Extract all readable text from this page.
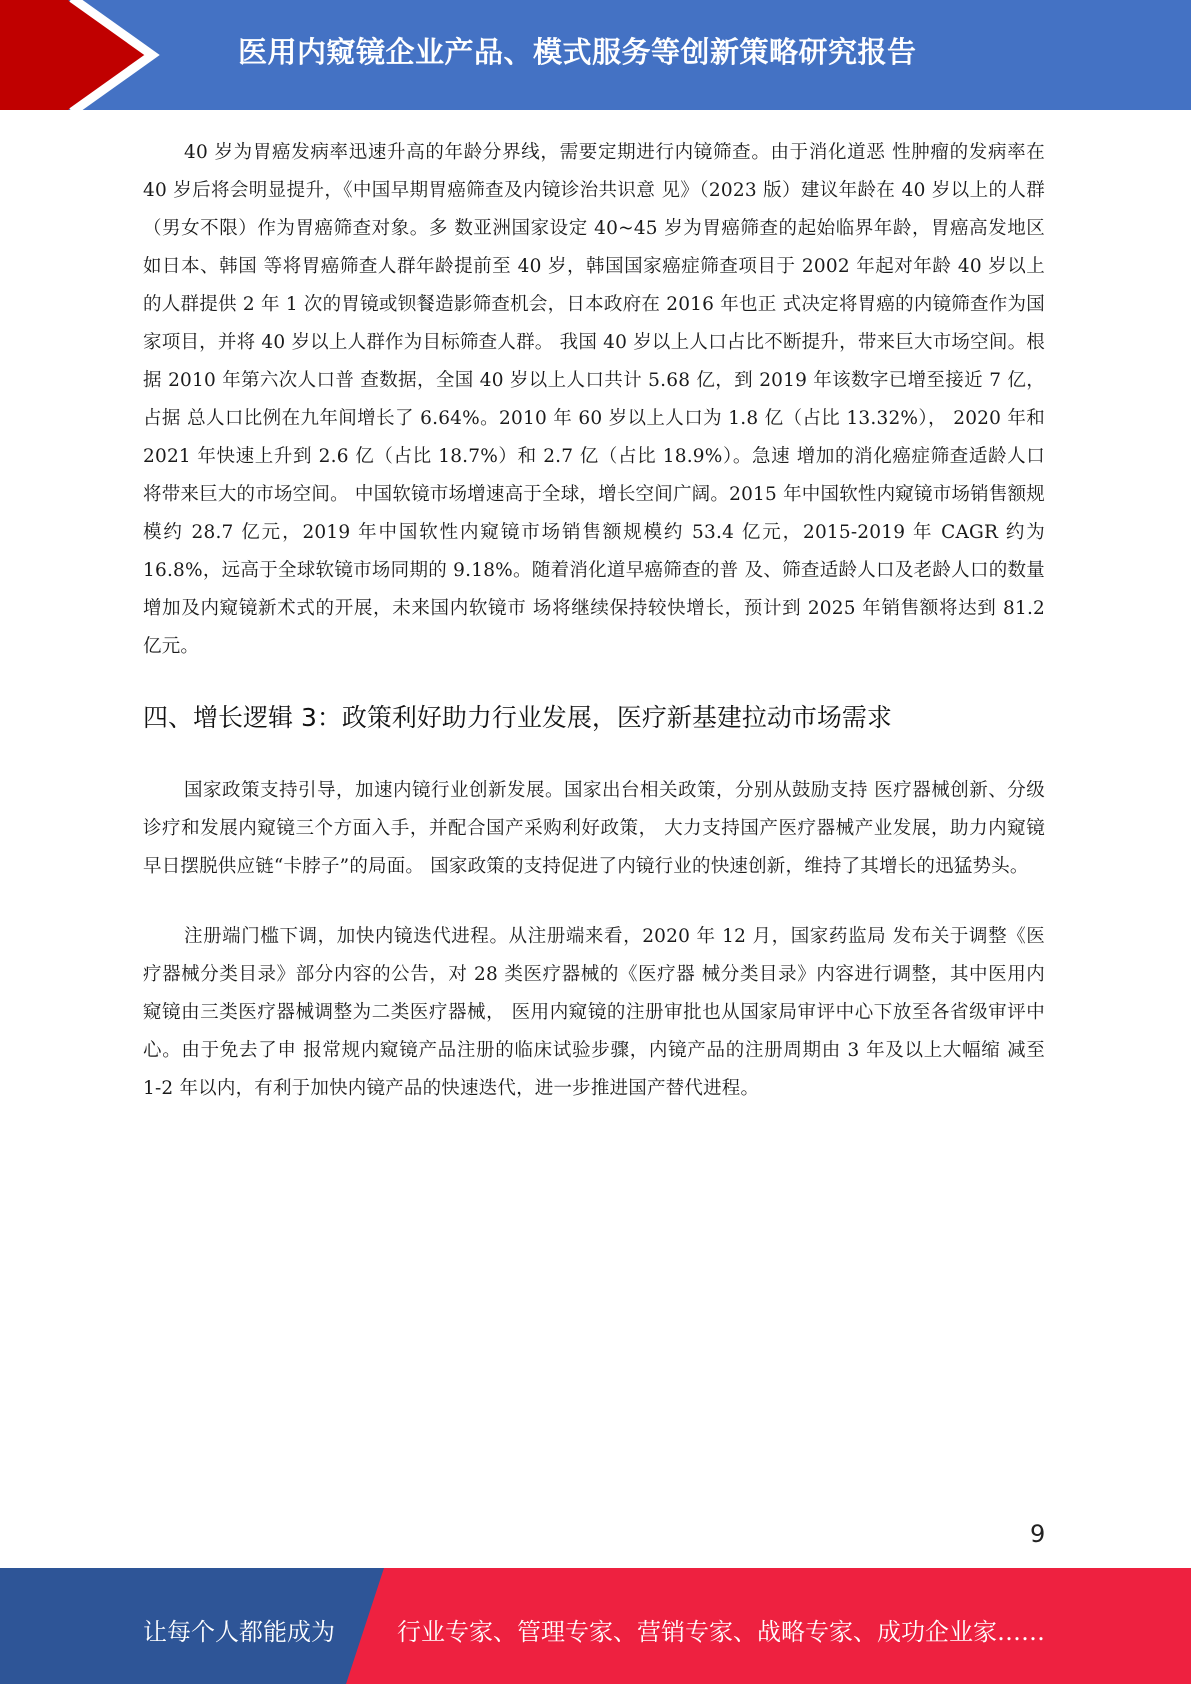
医用内窥镜企业产品、模式服务等创新策略研究报告

40 岁为胃癌发病率迅速升高的年龄分界线，需要定期进行内镜筛查。由于消化道恶 性肿瘤的发病率在 40 岁后将会明显提升，《中国早期胃癌筛查及内镜诊治共识意 见》（2023 版）建议年龄在 40 岁以上的人群（男女不限）作为胃癌筛查对象。多 数亚洲国家设定 40~45 岁为胃癌筛查的起始临界年龄，胃癌高发地区如日本、韩国 等将胃癌筛查人群年龄提前至 40 岁，韩国国家癌症筛查项目于 2002 年起对年龄 40 岁以上的人群提供 2 年 1 次的胃镜或钡餐造影筛查机会，日本政府在 2016 年也正 式决定将胃癌的内镜筛查作为国家项目，并将 40 岁以上人群作为目标筛查人群。 我国 40 岁以上人口占比不断提升，带来巨大市场空间。根据 2010 年第六次人口普 查数据，全国 40 岁以上人口共计 5.68 亿，到 2019 年该数字已增至接近 7 亿，占据 总人口比例在九年间增长了 6.64%。2010 年 60 岁以上人口为 1.8 亿（占比 13.32%）， 2020 年和 2021 年快速上升到 2.6 亿（占比 18.7%）和 2.7 亿（占比 18.9%）。急速 增加的消化癌症筛查适龄人口将带来巨大的市场空间。 中国软镜市场增速高于全球，增长空间广阔。2015 年中国软性内窥镜市场销售额规 模约 28.7 亿元，2019 年中国软性内窥镜市场销售额规模约 53.4 亿元，2015-2019 年 CAGR 约为 16.8%，远高于全球软镜市场同期的 9.18%。随着消化道早癌筛查的普 及、筛查适龄人口及老龄人口的数量增加及内窥镜新术式的开展，未来国内软镜市 场将继续保持较快增长，预计到 2025 年销售额将达到 81.2 亿元。

四、增长逻辑 3：政策利好助力行业发展，医疗新基建拉动市场需求

国家政策支持引导，加速内镜行业创新发展。国家出台相关政策，分别从鼓励支持 医疗器械创新、分级诊疗和发展内窥镜三个方面入手，并配合国产采购利好政策， 大力支持国产医疗器械产业发展，助力内窥镜早日摆脱供应链“卡脖子”的局面。 国家政策的支持促进了内镜行业的快速创新，维持了其增长的迅猛势头。

注册端门槛下调，加快内镜迭代进程。从注册端来看，2020 年 12 月，国家药监局 发布关于调整《医疗器械分类目录》部分内容的公告，对 28 类医疗器械的《医疗器 械分类目录》内容进行调整，其中医用内窥镜由三类医疗器械调整为二类医疗器械， 医用内窥镜的注册审批也从国家局审评中心下放至各省级审评中心。由于免去了申 报常规内窥镜产品注册的临床试验步骤，内镜产品的注册周期由 3 年及以上大幅缩 减至 1-2 年以内，有利于加快内镜产品的快速迭代，进一步推进国产替代进程。

9
让每个人都能成为	行业专家、管理专家、营销专家、战略专家、成功企业家……
